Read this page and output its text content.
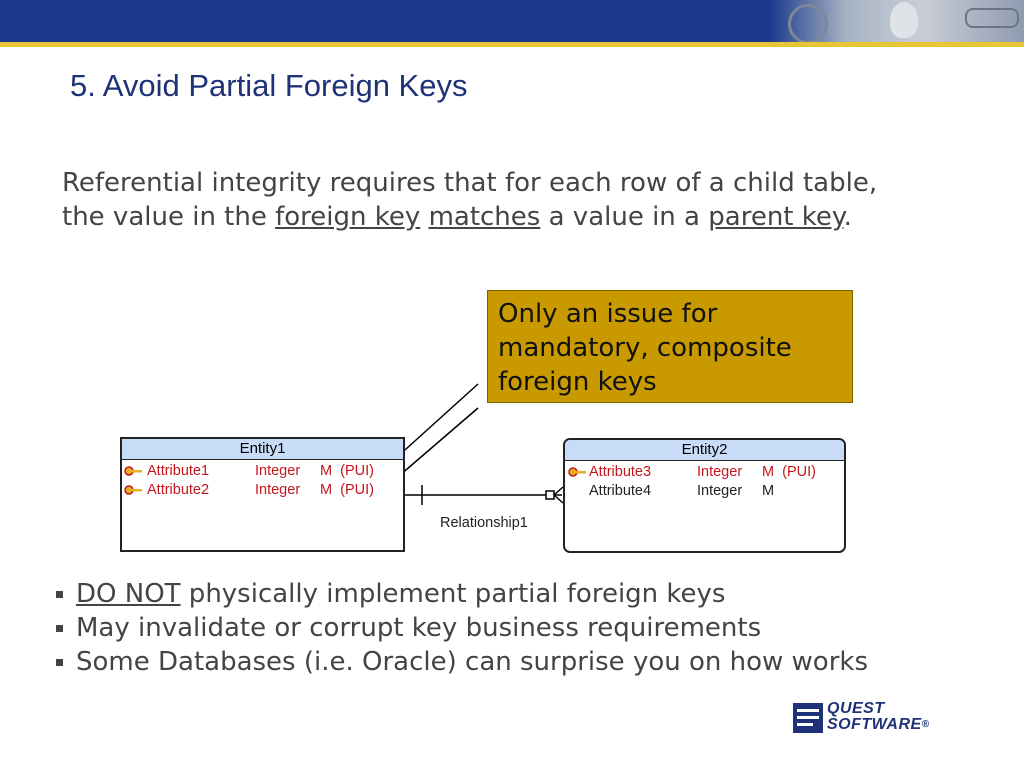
5. Avoid Partial Foreign Keys
Referential integrity requires that for each row of a child table,
the value in the foreign key matches a value in a parent key.
Only an issue for
mandatory, composite
foreign keys
Relationship1
Entity1
Attribute1	Integer M  (PUI)
Attribute2	Integer M  (PUI)
Entity2
Attribute3	Integer M  (PUI)
Attribute4	Integer M
DO NOT physically implement partial foreign keys
May invalidate or corrupt key business requirements
Some Databases (i.e. Oracle) can surprise you on how works
QUEST
SOFTWARE®
